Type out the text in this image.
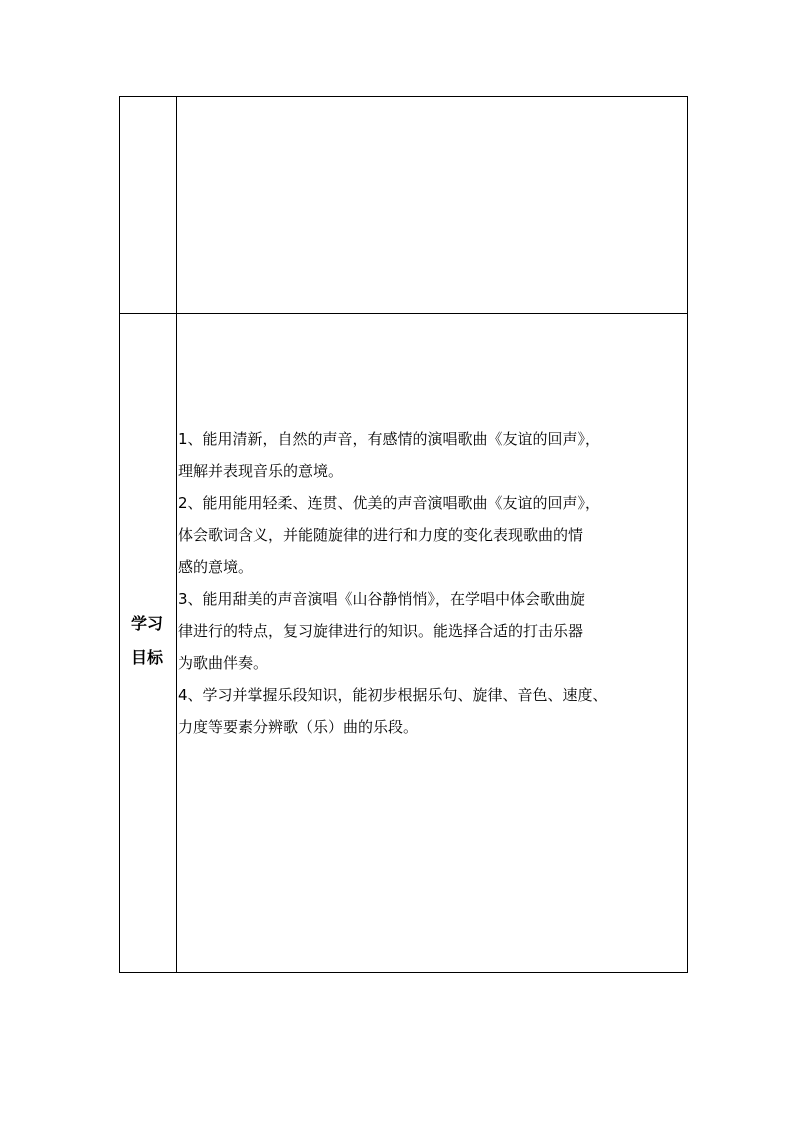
学习
目标
1、能用清新，自然的声音，有感情的演唱歌曲《友谊的回声》，
理解并表现音乐的意境。
2、能用能用轻柔、连贯、优美的声音演唱歌曲《友谊的回声》，
体会歌词含义，并能随旋律的进行和力度的变化表现歌曲的情
感的意境。
3、能用甜美的声音演唱《山谷静悄悄》，在学唱中体会歌曲旋
律进行的特点，复习旋律进行的知识。能选择合适的打击乐器
为歌曲伴奏。
4、学习并掌握乐段知识，能初步根据乐句、旋律、音色、速度、
力度等要素分辨歌（乐）曲的乐段。
